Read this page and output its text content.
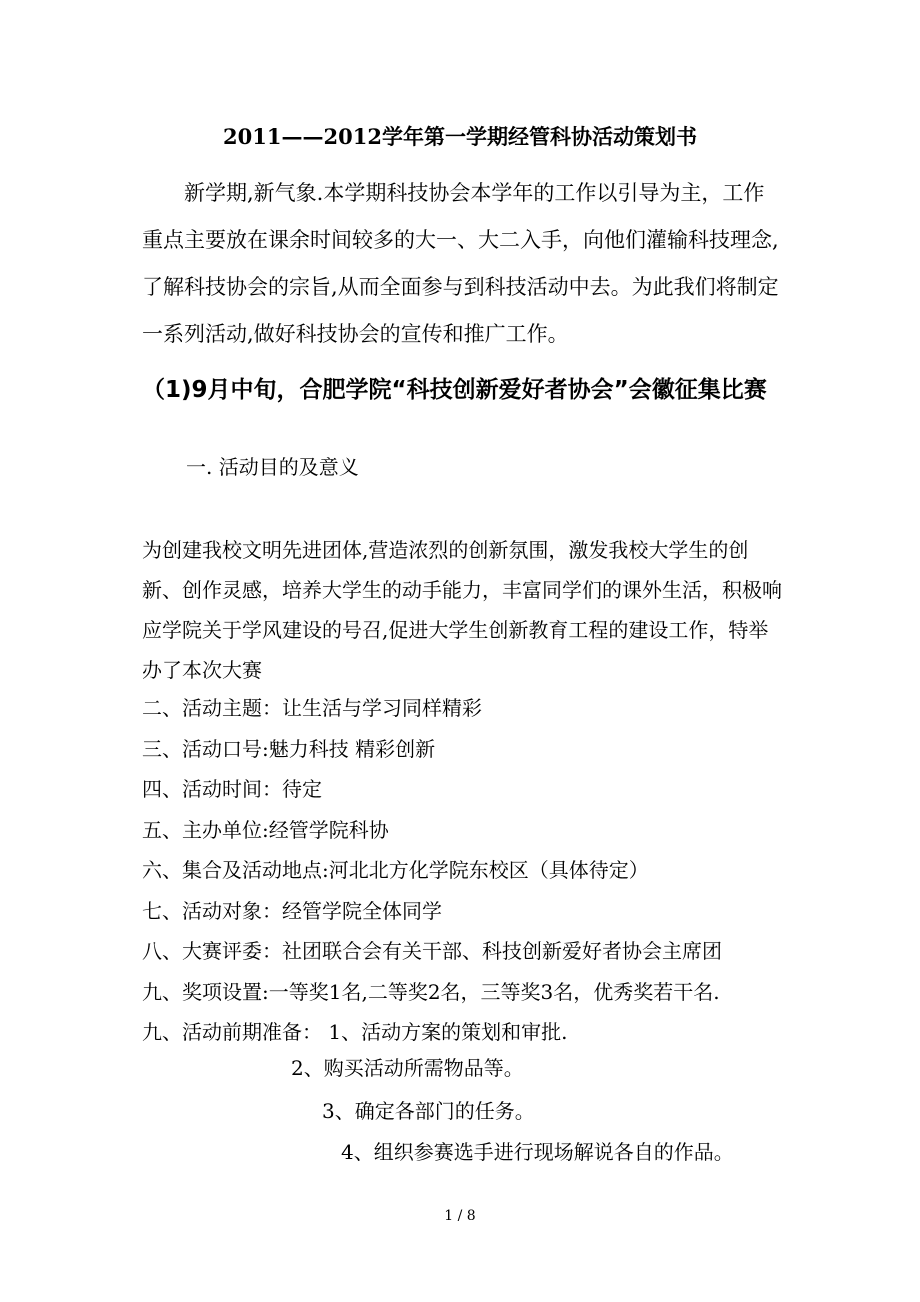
2011——2012学年第一学期经管科协活动策划书

新学期,新气象.本学期科技协会本学年的工作以引导为主，工作重点主要放在课余时间较多的大一、大二入手，向他们灌输科技理念,了解科技协会的宗旨,从而全面参与到科技活动中去。为此我们将制定一系列活动,做好科技协会的宣传和推广工作。

（1)9月中旬，合肥学院“科技创新爱好者协会”会徽征集比赛
一. 活动目的及意义

为创建我校文明先进团体,营造浓烈的创新氛围，激发我校大学生的创新、创作灵感，培养大学生的动手能力，丰富同学们的课外生活，积极响应学院关于学风建设的号召,促进大学生创新教育工程的建设工作，特举办了本次大赛

二、活动主题：让生活与学习同样精彩
三、活动口号:魅力科技 精彩创新
四、活动时间：待定
五、主办单位:经管学院科协
六、集合及活动地点:河北北方化学院东校区（具体待定）
七、活动对象：经管学院全体同学
八、大赛评委：社团联合会有关干部、科技创新爱好者协会主席团
九、奖项设置:一等奖1名,二等奖2名，三等奖3名，优秀奖若干名.
九、活动前期准备： 1、活动方案的策划和审批.
2、购买活动所需物品等。
3、确定各部门的任务。
4、组织参赛选手进行现场解说各自的作品。
1 / 8
